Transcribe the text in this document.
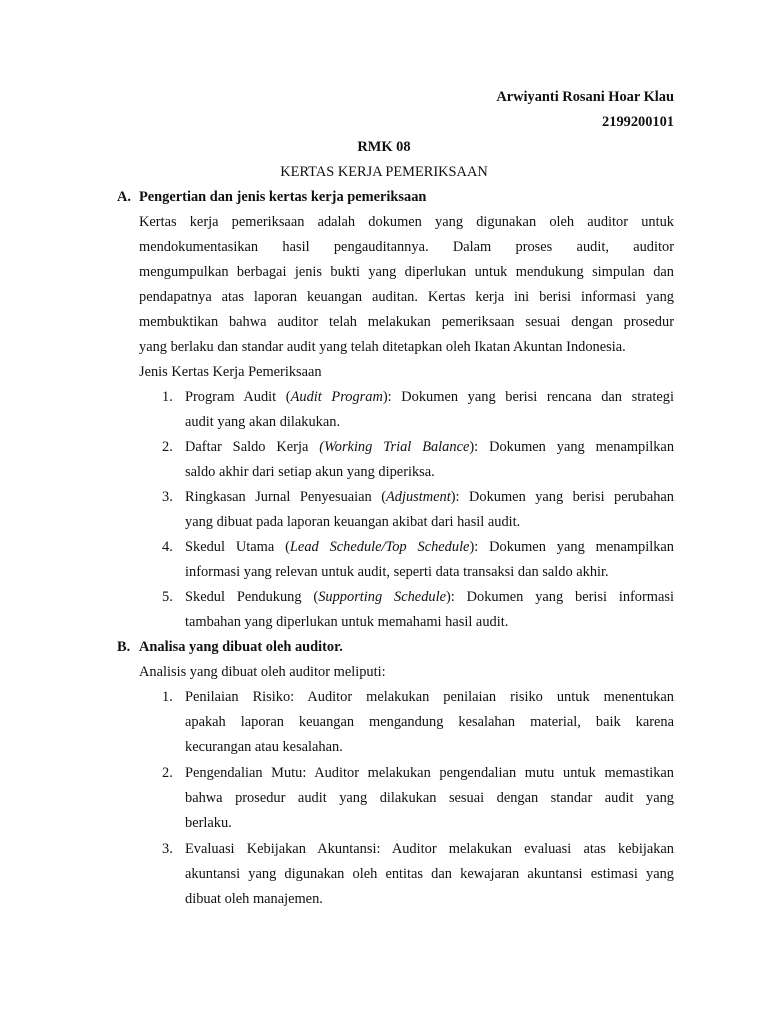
Arwiyanti Rosani Hoar Klau
2199200101
RMK 08
KERTAS KERJA PEMERIKSAAN
A. Pengertian dan jenis kertas kerja pemeriksaan
Kertas kerja pemeriksaan adalah dokumen yang digunakan oleh auditor untuk
mendokumentasikan hasil pengauditannya. Dalam proses audit, auditor
mengumpulkan berbagai jenis bukti yang diperlukan untuk mendukung simpulan dan
pendapatnya atas laporan keuangan auditan. Kertas kerja ini berisi informasi yang
membuktikan bahwa auditor telah melakukan pemeriksaan sesuai dengan prosedur
yang berlaku dan standar audit yang telah ditetapkan oleh Ikatan Akuntan Indonesia.
Jenis Kertas Kerja Pemeriksaan
1. Program Audit (Audit Program): Dokumen yang berisi rencana dan strategi
audit yang akan dilakukan.
2. Daftar Saldo Kerja (Working Trial Balance): Dokumen yang menampilkan
saldo akhir dari setiap akun yang diperiksa.
3. Ringkasan Jurnal Penyesuaian (Adjustment): Dokumen yang berisi perubahan
yang dibuat pada laporan keuangan akibat dari hasil audit.
4. Skedul Utama (Lead Schedule/Top Schedule): Dokumen yang menampilkan
informasi yang relevan untuk audit, seperti data transaksi dan saldo akhir.
5. Skedul Pendukung (Supporting Schedule): Dokumen yang berisi informasi
tambahan yang diperlukan untuk memahami hasil audit.
B. Analisa yang dibuat oleh auditor.
Analisis yang dibuat oleh auditor meliputi:
1. Penilaian Risiko: Auditor melakukan penilaian risiko untuk menentukan
apakah laporan keuangan mengandung kesalahan material, baik karena
kecurangan atau kesalahan.
2. Pengendalian Mutu: Auditor melakukan pengendalian mutu untuk memastikan
bahwa prosedur audit yang dilakukan sesuai dengan standar audit yang
berlaku.
3. Evaluasi Kebijakan Akuntansi: Auditor melakukan evaluasi atas kebijakan
akuntansi yang digunakan oleh entitas dan kewajaran akuntansi estimasi yang
dibuat oleh manajemen.
